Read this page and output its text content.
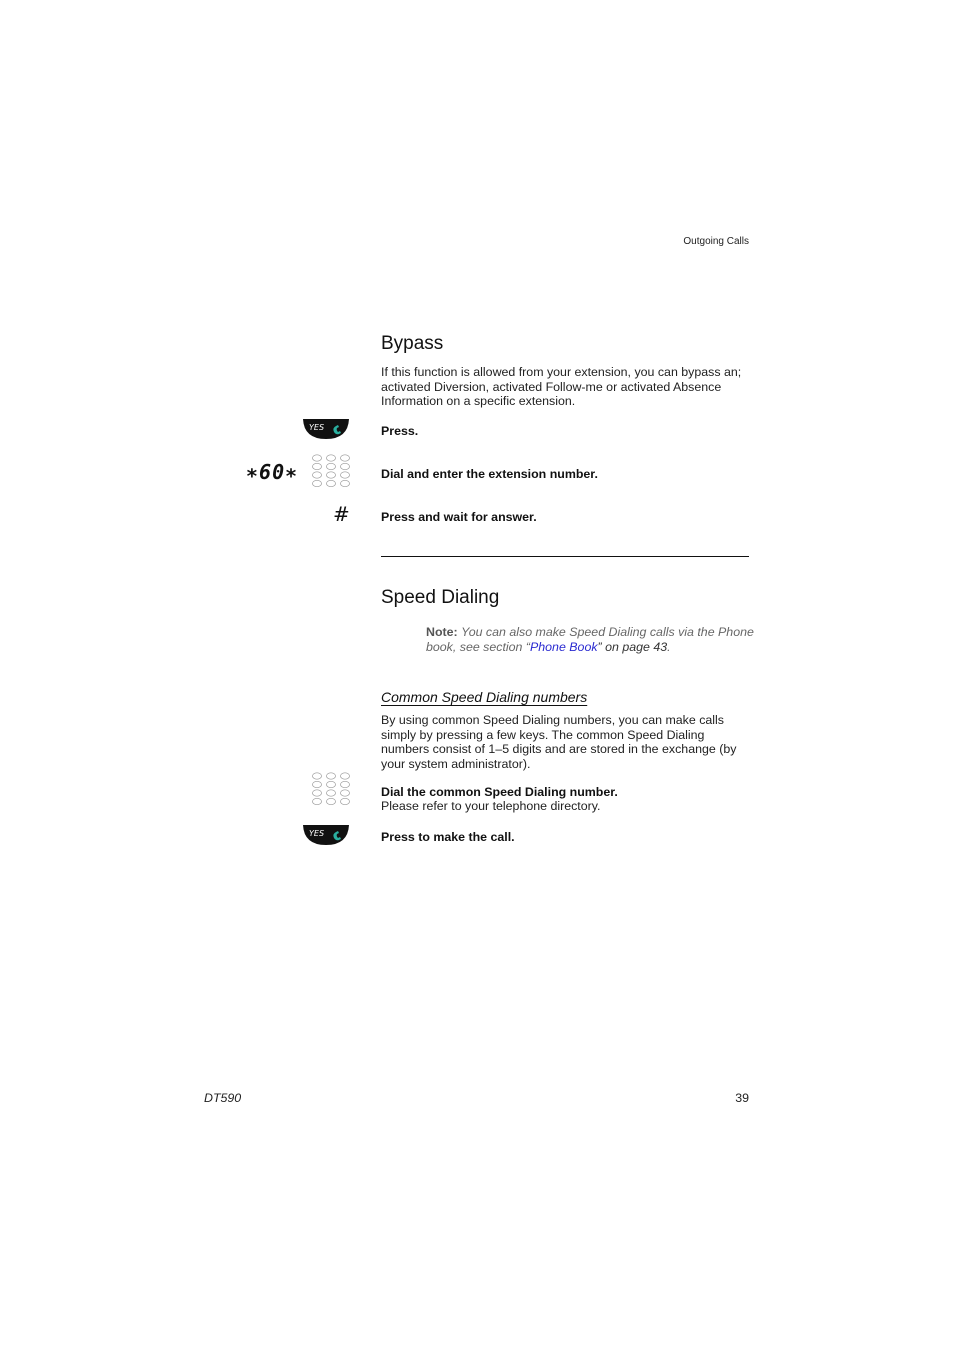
Outgoing Calls
Bypass
If this function is allowed from your extension, you can bypass an;
activated Diversion, activated Follow-me or activated Absence
Information on a specific extension.
YES	Press.
∗60∗	Dial and enter the extension number.
#	Press and wait for answer.
Speed Dialing
Note: You can also make Speed Dialing calls via the Phone
book, see section “Phone Book” on page 43.
Common Speed Dialing numbers
By using common Speed Dialing numbers, you can make calls
simply by pressing a few keys. The common Speed Dialing
numbers consist of 1–5 digits and are stored in the exchange (by
your system administrator).
Dial the common Speed Dialing number.
Please refer to your telephone directory.
YES	Press to make the call.
DT590	39
